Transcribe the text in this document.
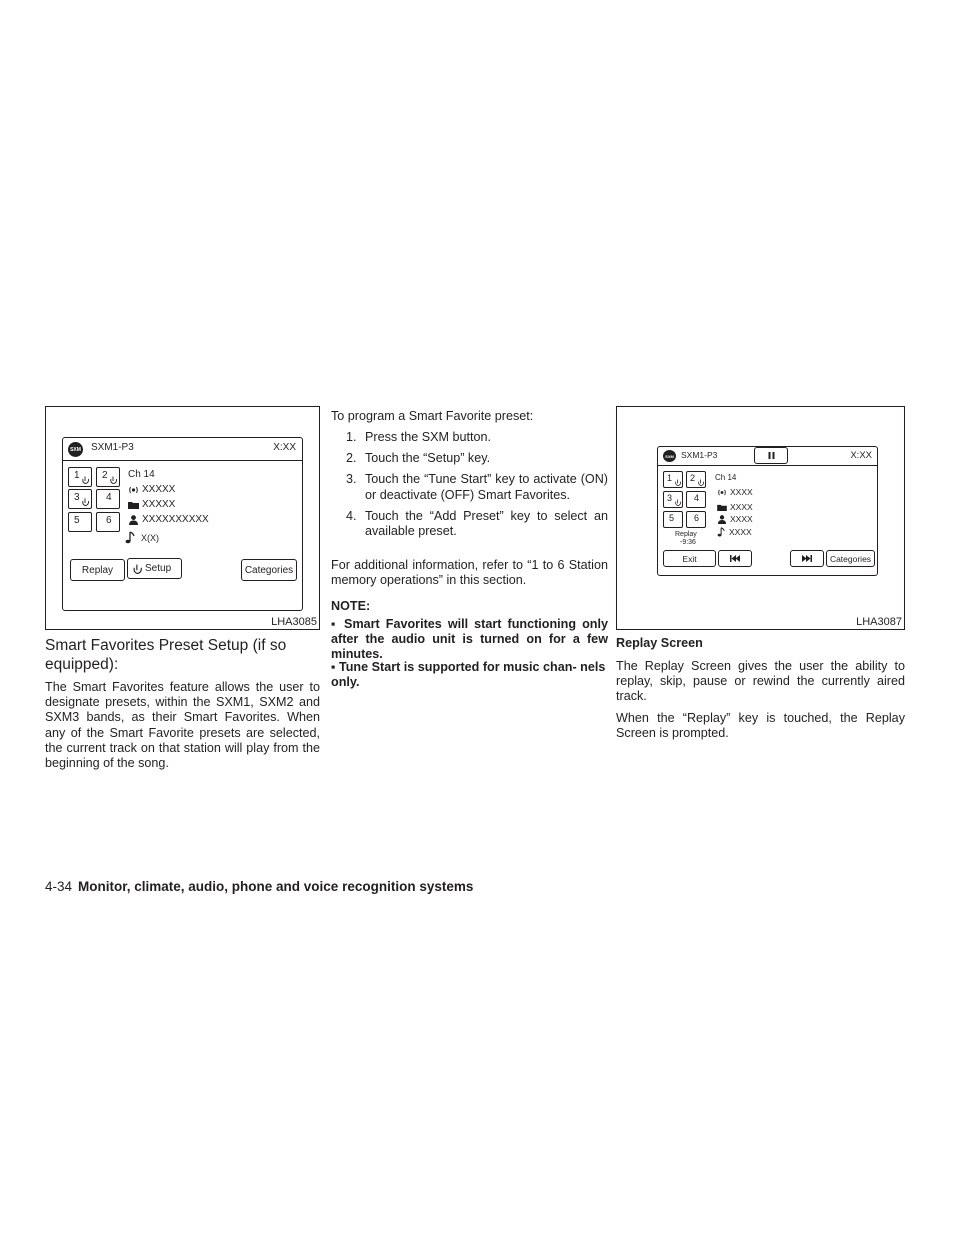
SXM SXM1-P3	X:XX
1 2
3	4
5	6
Ch 14
XXXXX
XXXXX
XXXXXXXXXX
X(X)
Replay	Setup	Categories
LHA3085
Smart Favorites Preset Setup (if so equipped):
The Smart Favorites feature allows the user to designate presets, within the SXM1, SXM2 and SXM3 bands, as their Smart Favorites. When any of the Smart Favorite presets are selected, the current track on that station will play from the beginning of the song.
To program a Smart Favorite preset:
1. Press the SXM button.
2. Touch the “Setup” key.
3. Touch the “Tune Start” key to activate (ON) or deactivate (OFF) Smart Favorites.
4. Touch the “Add Preset” key to select an available preset.
For additional information, refer to “1 to 6 Station memory operations” in this section.
NOTE:
▪ Smart Favorites will start functioning only after the audio unit is turned on for a few minutes.
▪ Tune Start is supported for music chan- nels only.
SXM SXM1-P3	X:XX
1 2
3 4
5 6
Replay
-9:36
Ch 14
XXXX
XXXX
XXXX
XXXX
Exit	Categories
LHA3087
Replay Screen
The Replay Screen gives the user the ability to replay, skip, pause or rewind the currently aired track.
When the “Replay” key is touched, the Replay Screen is prompted.
4-34 Monitor, climate, audio, phone and voice recognition systems
